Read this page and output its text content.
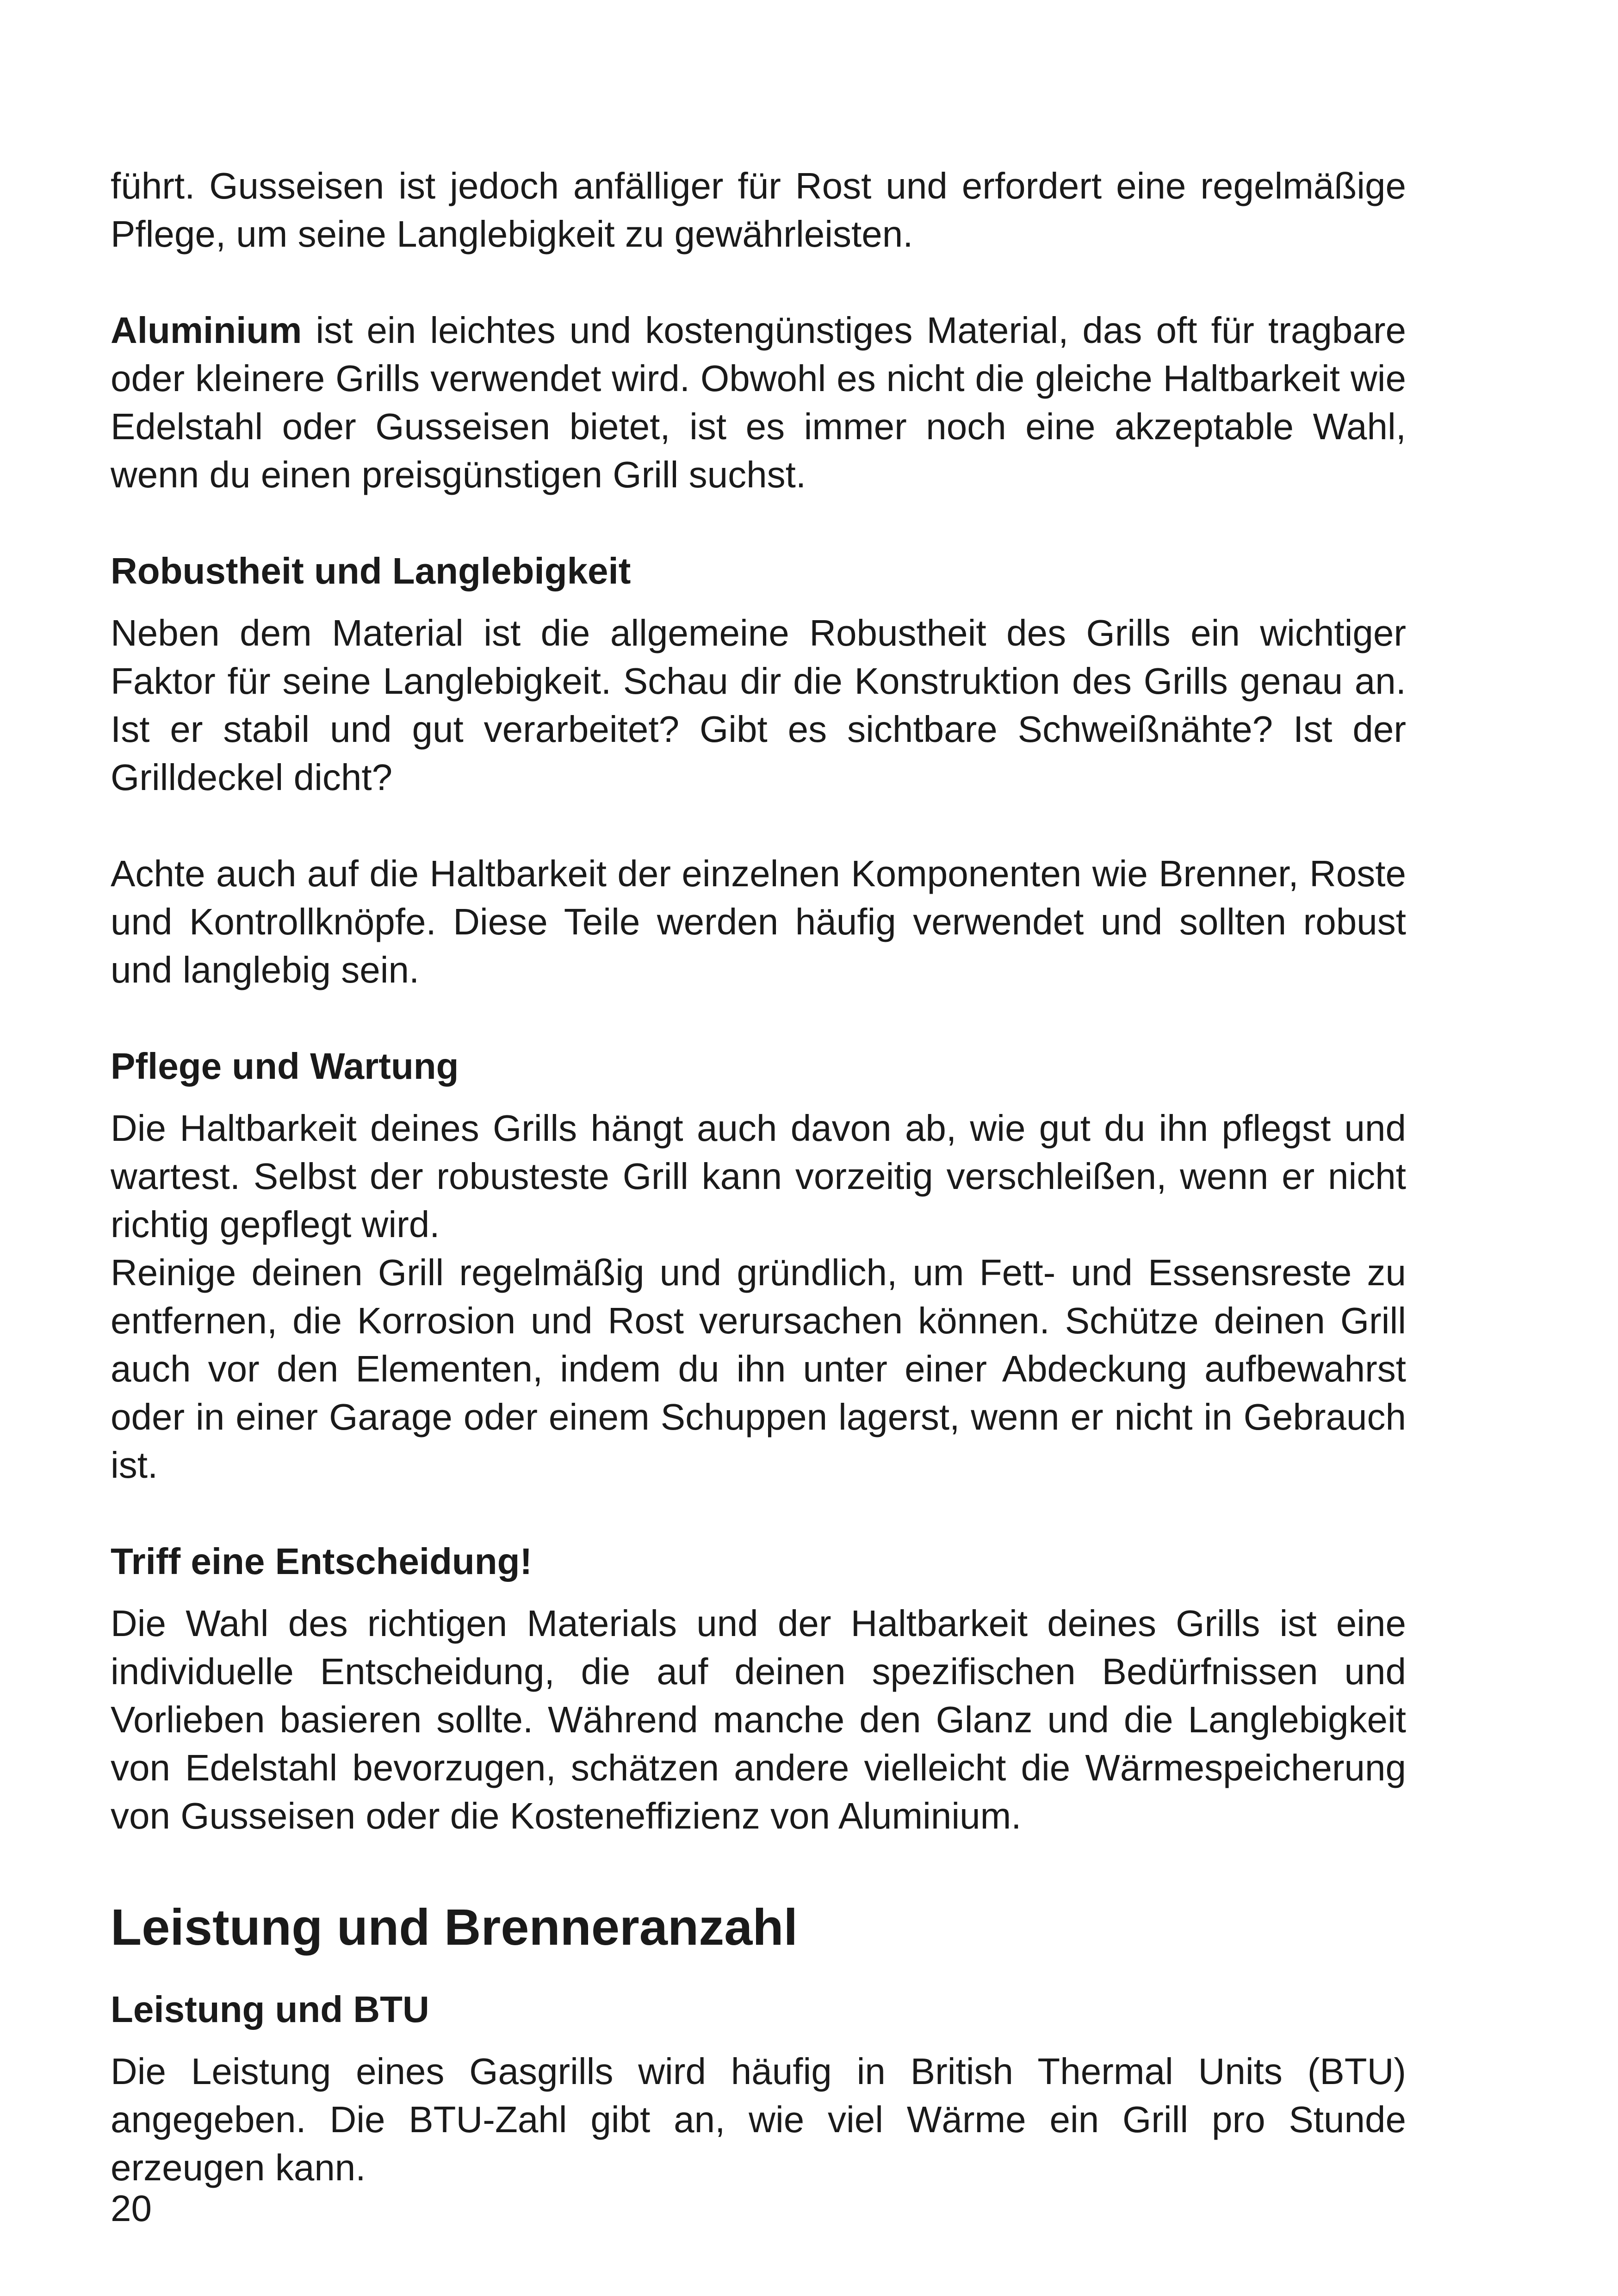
führt. Gusseisen ist jedoch anfälliger für Rost und erfordert eine regelmäßige Pflege, um seine Langlebigkeit zu gewährleisten.

Aluminium ist ein leichtes und kostengünstiges Material, das oft für tragbare oder kleinere Grills verwendet wird. Obwohl es nicht die gleiche Haltbarkeit wie Edelstahl oder Gusseisen bietet, ist es immer noch eine akzeptable Wahl, wenn du einen preisgünstigen Grill suchst.

Robustheit und Langlebigkeit

Neben dem Material ist die allgemeine Robustheit des Grills ein wichtiger Faktor für seine Langlebigkeit. Schau dir die Konstruktion des Grills genau an. Ist er stabil und gut verarbeitet? Gibt es sichtbare Schweißnähte? Ist der Grilldeckel dicht?

Achte auch auf die Haltbarkeit der einzelnen Komponenten wie Brenner, Roste und Kontrollknöpfe. Diese Teile werden häufig verwendet und sollten robust und langlebig sein.

Pflege und Wartung

Die Haltbarkeit deines Grills hängt auch davon ab, wie gut du ihn pflegst und wartest. Selbst der robusteste Grill kann vorzeitig verschleißen, wenn er nicht richtig gepflegt wird.

Reinige deinen Grill regelmäßig und gründlich, um Fett- und Essensreste zu entfernen, die Korrosion und Rost verursachen können. Schütze deinen Grill auch vor den Elementen, indem du ihn unter einer Abdeckung aufbewahrst oder in einer Garage oder einem Schuppen lagerst, wenn er nicht in Gebrauch ist.

Triff eine Entscheidung!

Die Wahl des richtigen Materials und der Haltbarkeit deines Grills ist eine individuelle Entscheidung, die auf deinen spezifischen Bedürfnissen und Vorlieben basieren sollte. Während manche den Glanz und die Langlebigkeit von Edelstahl bevorzugen, schätzen andere vielleicht die Wärmespeicherung von Gusseisen oder die Kosteneffizienz von Aluminium.

Leistung und Brenneranzahl
Leistung und BTU

Die Leistung eines Gasgrills wird häufig in British Thermal Units (BTU) angegeben. Die BTU-Zahl gibt an, wie viel Wärme ein Grill pro Stunde erzeugen kann.

20
